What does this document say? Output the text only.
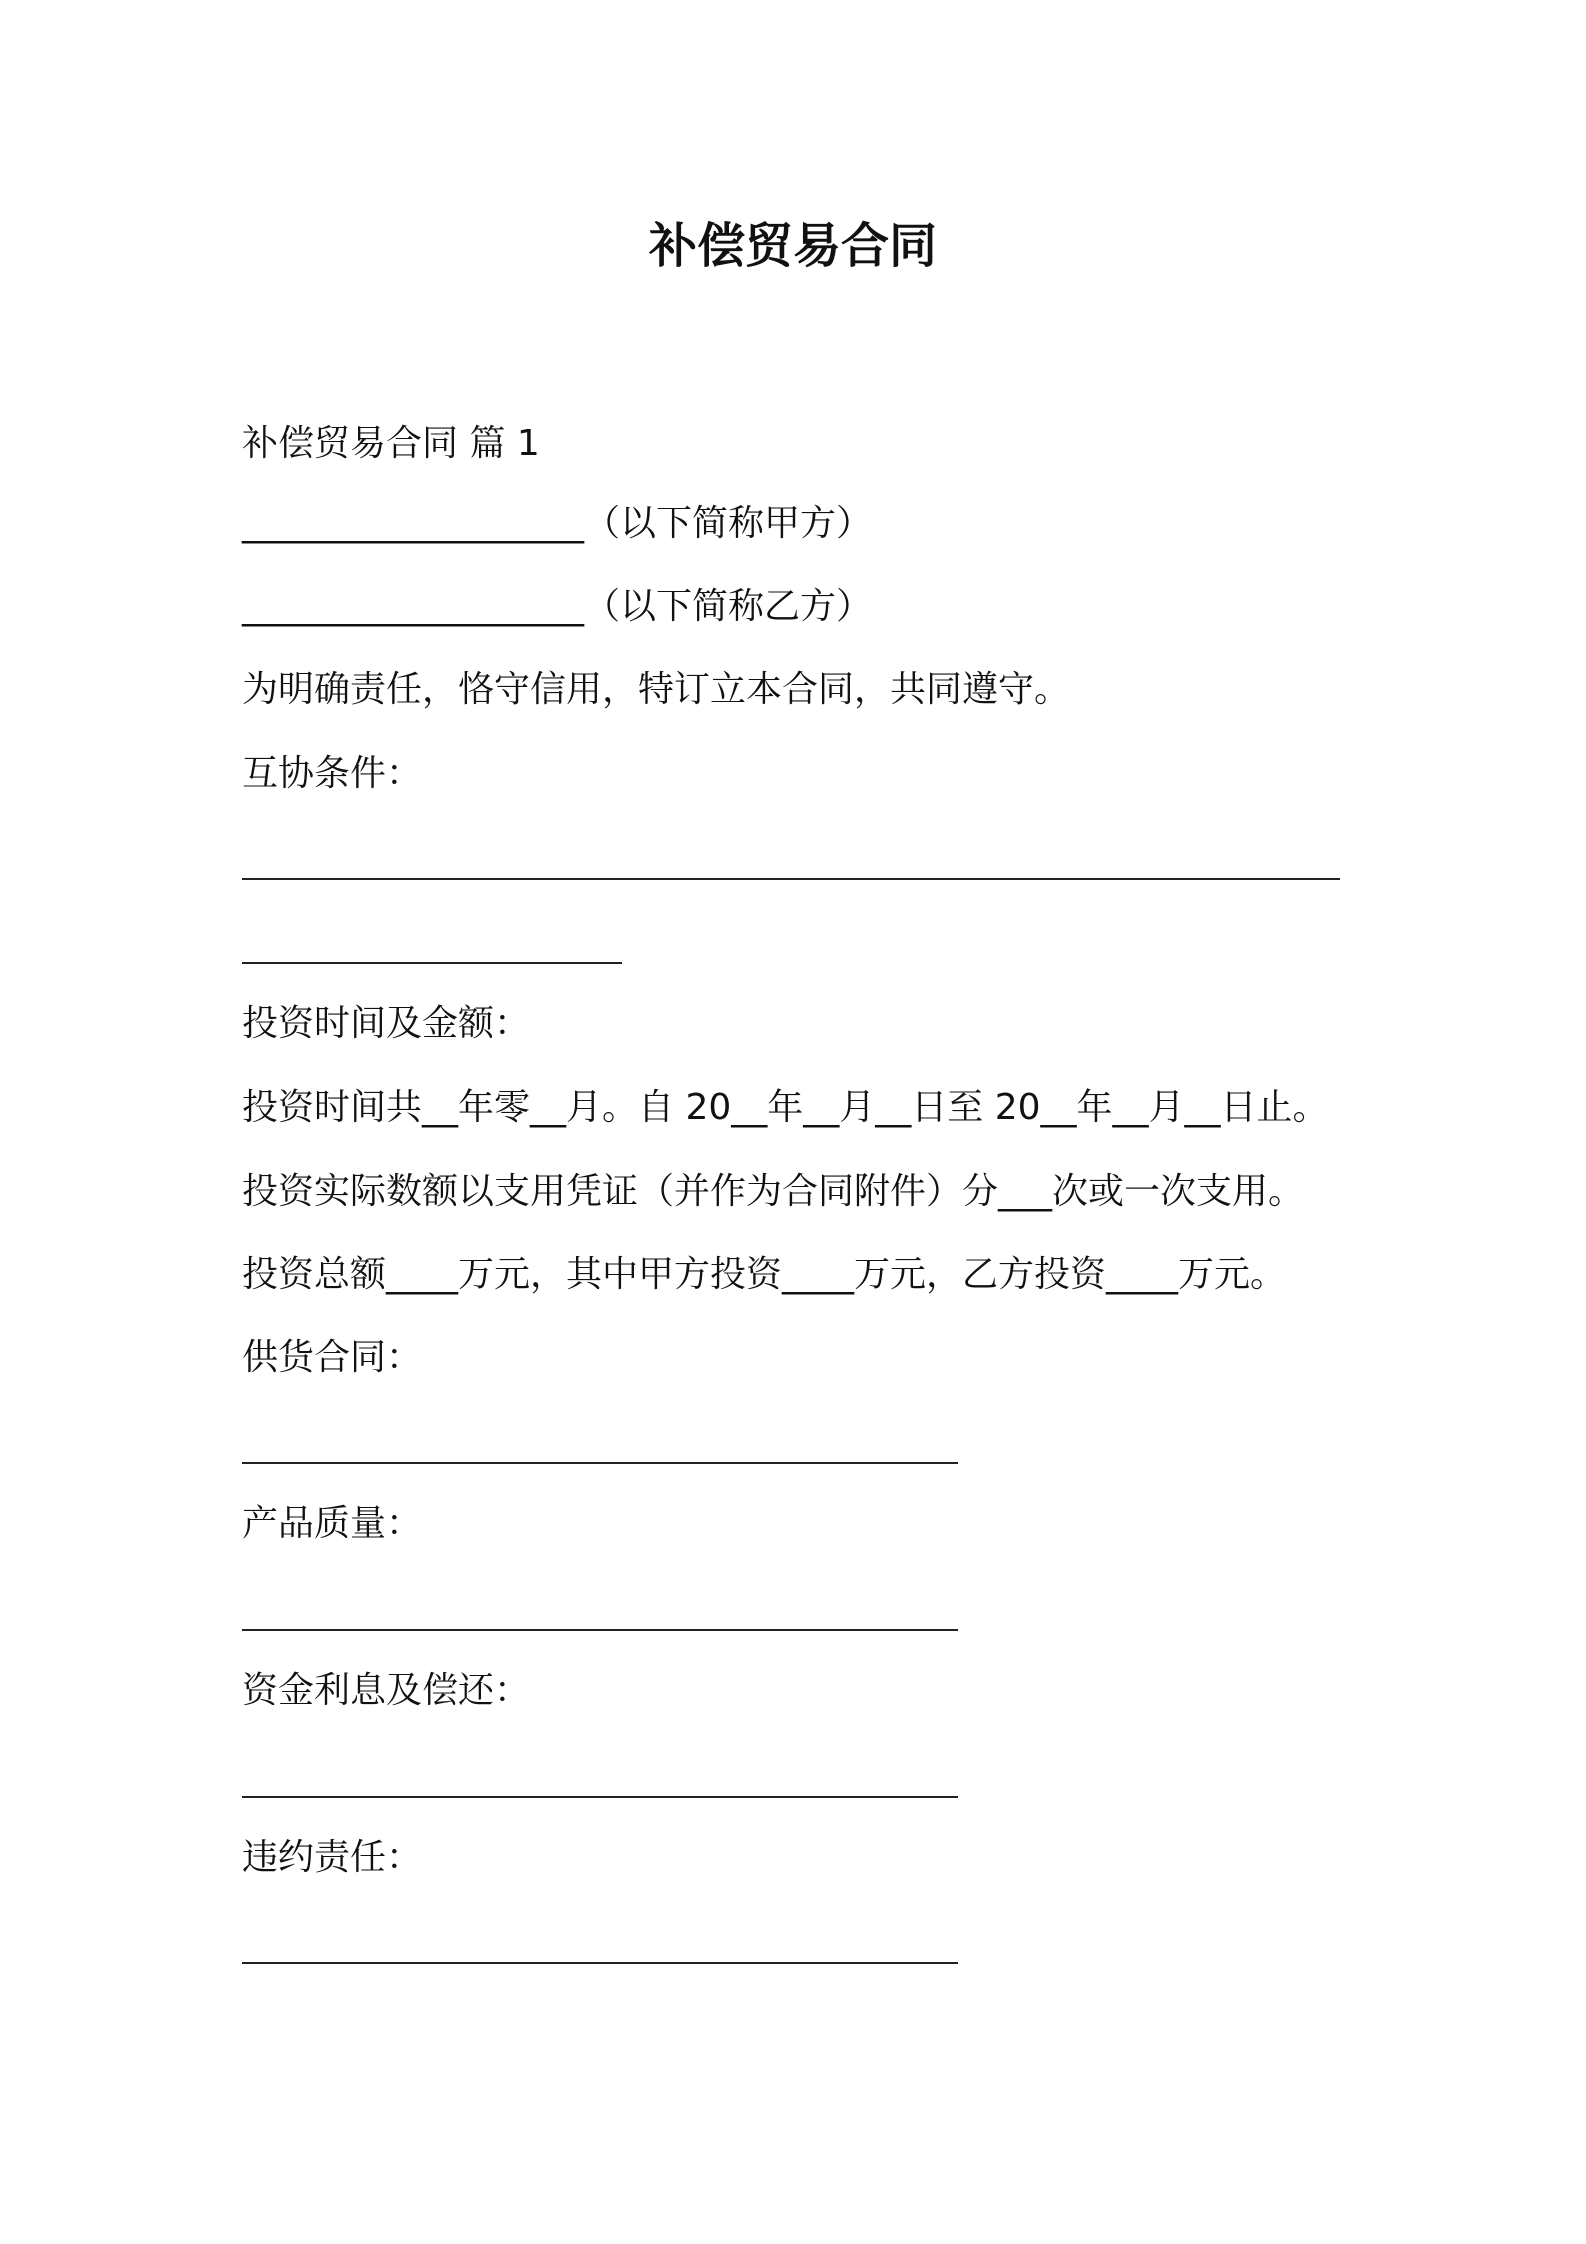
补偿贸易合同
补偿贸易合同 篇 1
___________________（以下简称甲方）
___________________（以下简称乙方）
为明确责任，恪守信用，特订立本合同，共同遵守。
互协条件：
投资时间及金额：
投资时间共__年零__月。自 20__年__月__日至 20__年__月__日止。
投资实际数额以支用凭证（并作为合同附件）分___次或一次支用。
投资总额____万元，其中甲方投资____万元，乙方投资____万元。
供货合同：
产品质量：
资金利息及偿还：
违约责任：
